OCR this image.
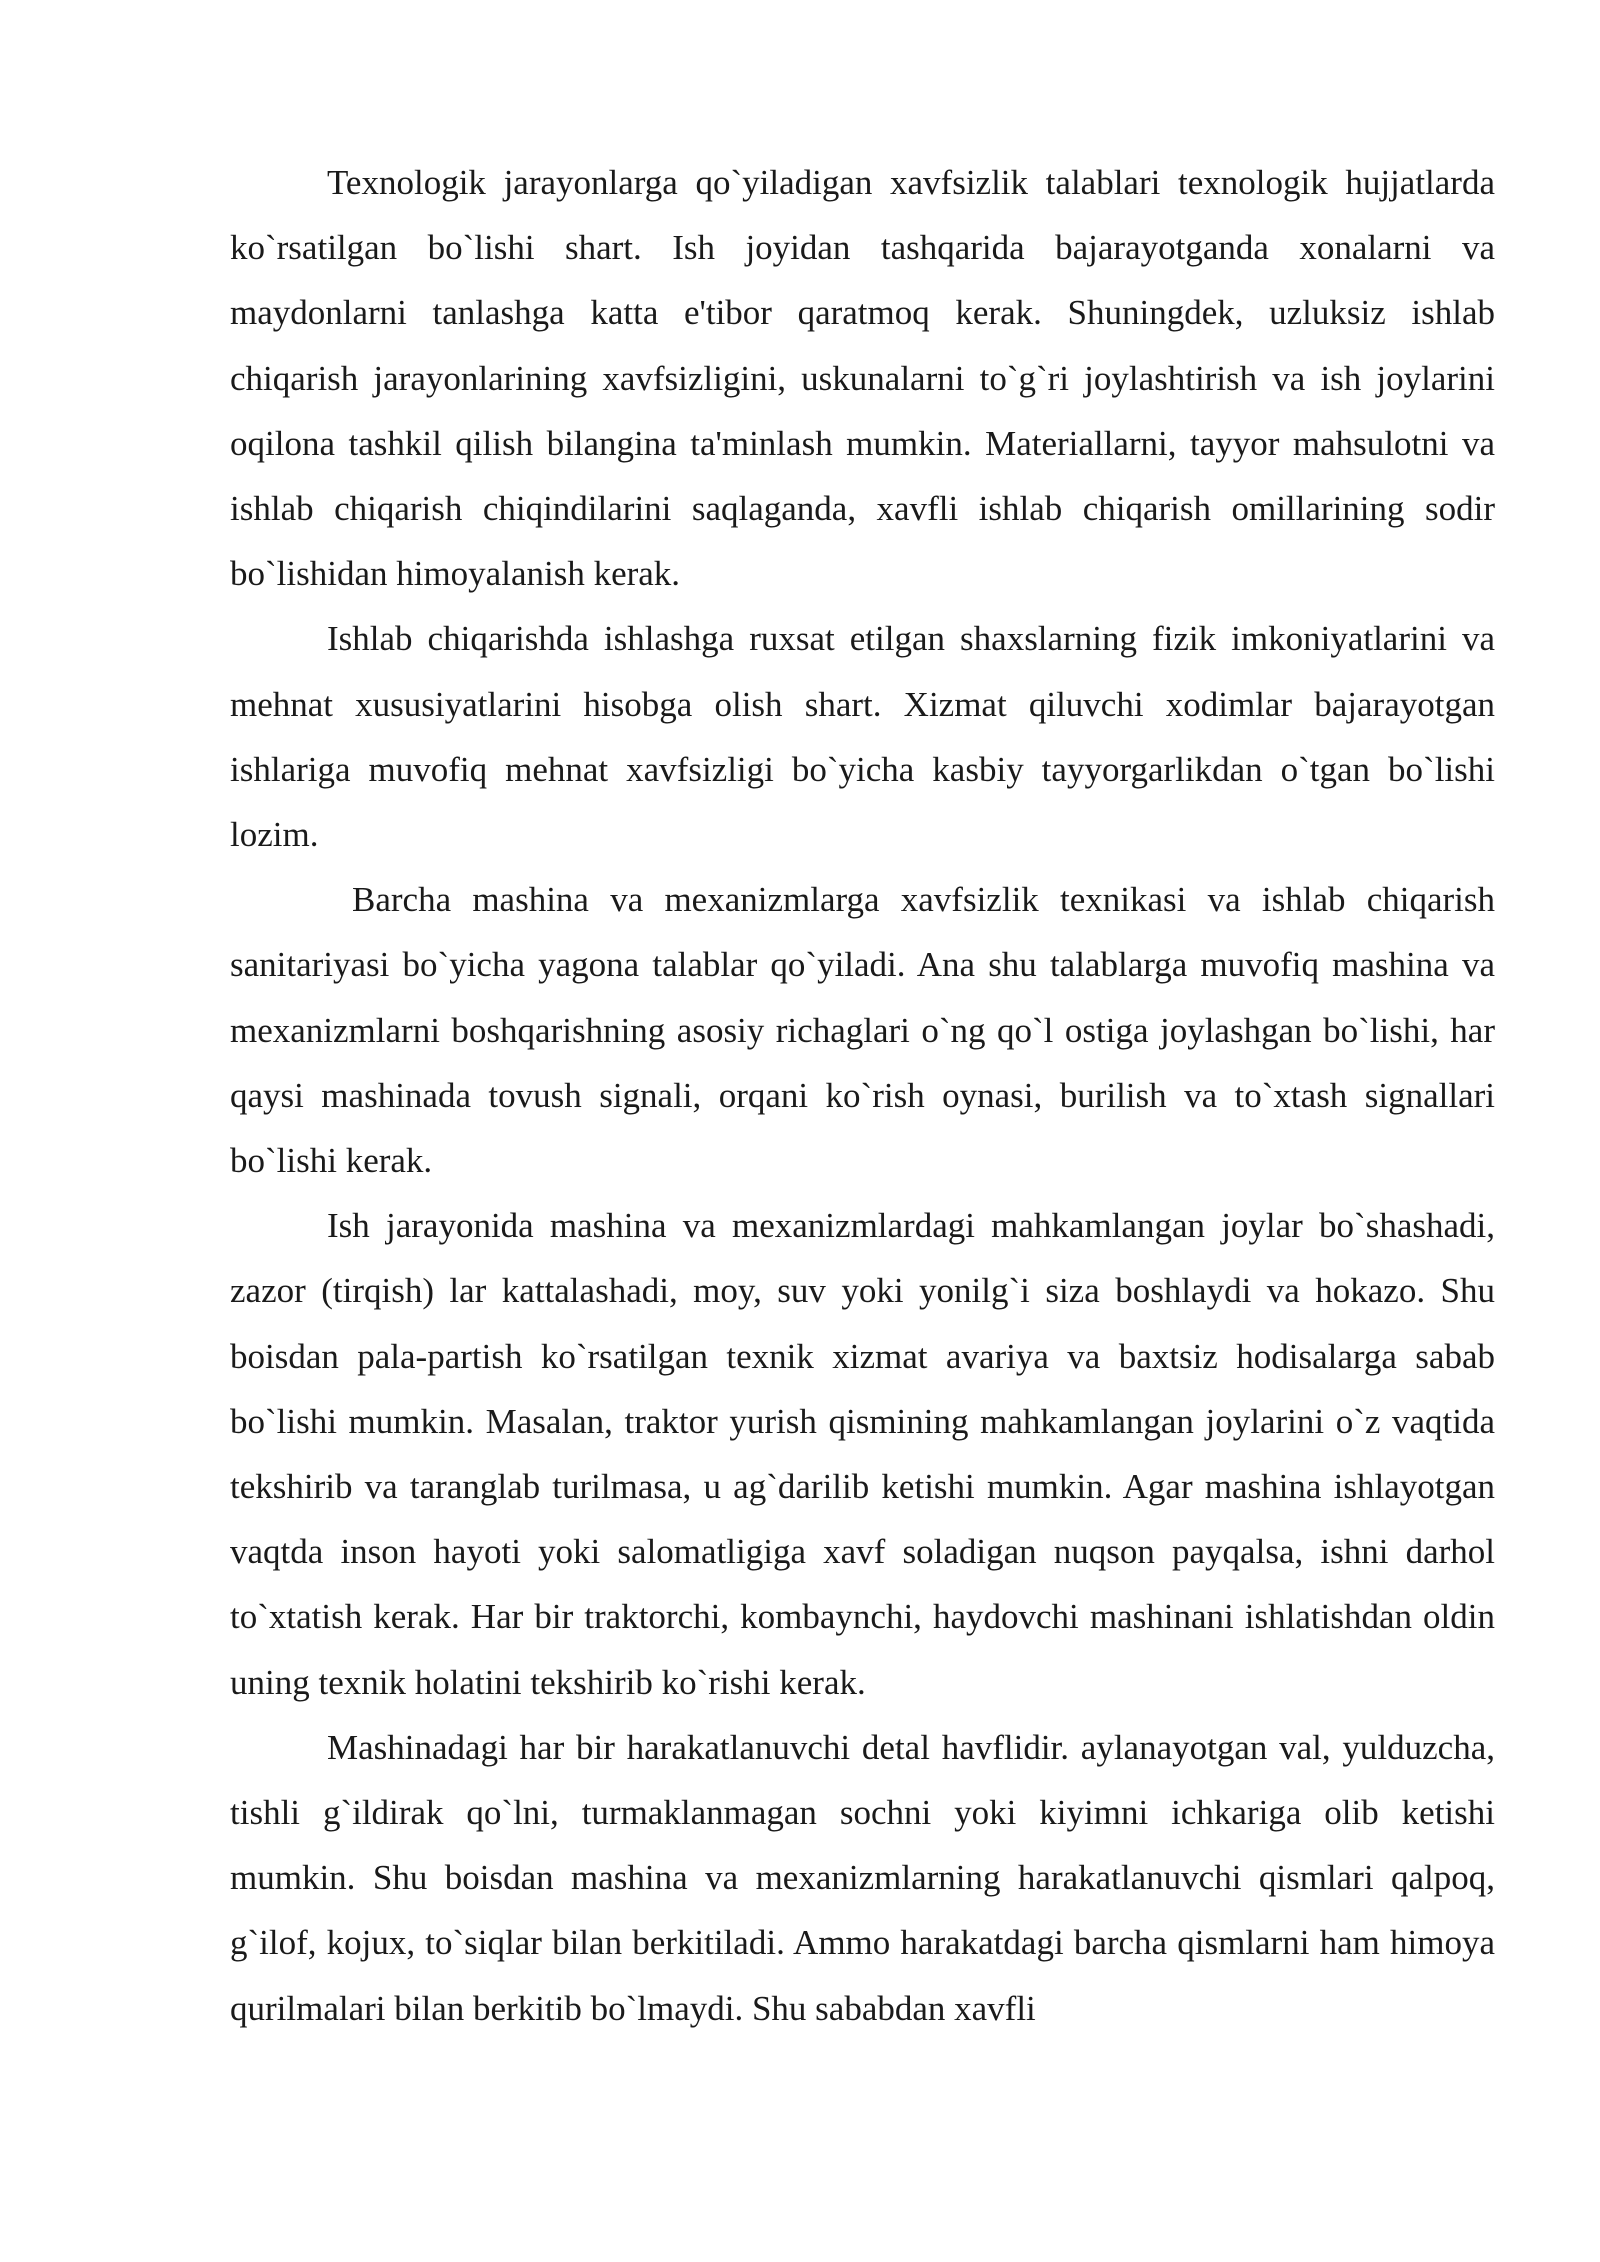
Texnologik jarayonlarga qo`yiladigan xavfsizlik talablari texnologik hujjatlarda ko`rsatilgan bo`lishi shart. Ish joyidan tashqarida bajarayotganda xonalarni va maydonlarni tanlashga katta e'tibor qaratmoq kerak. Shuningdek, uzluksiz ishlab chiqarish jarayonlarining xavfsizligini, uskunalarni to`g`ri joylashtirish va ish joylarini oqilona tashkil qilish bilangina ta'minlash mumkin. Materiallarni, tayyor mahsulotni va ishlab chiqarish chiqindilarini saqlaganda, xavfli ishlab chiqarish omillarining sodir bo`lishidan himoyalanish kerak.

Ishlab chiqarishda ishlashga ruxsat etilgan shaxslarning fizik imkoniyatlarini va mehnat xususiyatlarini hisobga olish shart. Xizmat qiluvchi xodimlar bajarayotgan ishlariga muvofiq mehnat xavfsizligi bo`yicha kasbiy tayyorgarlikdan o`tgan bo`lishi lozim.

Barcha mashina va mexanizmlarga xavfsizlik texnikasi va ishlab chiqarish sanitariyasi bo`yicha yagona talablar qo`yiladi. Ana shu talablarga muvofiq mashina va mexanizmlarni boshqarishning asosiy richaglari o`ng qo`l ostiga joylashgan bo`lishi, har qaysi mashinada tovush signali, orqani ko`rish oynasi, burilish va to`xtash signallari bo`lishi kerak.

Ish jarayonida mashina va mexanizmlardagi mahkamlangan joylar bo`shashadi, zazor (tirqish) lar kattalashadi, moy, suv yoki yonilg`i siza boshlaydi va hokazo. Shu boisdan pala-partish ko`rsatilgan texnik xizmat avariya va baxtsiz hodisalarga sabab bo`lishi mumkin. Masalan, traktor yurish qismining mahkamlangan joylarini o`z vaqtida tekshirib va taranglab turilmasa, u ag`darilib ketishi mumkin. Agar mashina ishlayotgan vaqtda inson hayoti yoki salomatligiga xavf soladigan nuqson payqalsa, ishni darhol to`xtatish kerak. Har bir traktorchi, kombaynchi, haydovchi mashinani ishlatishdan oldin uning texnik holatini tekshirib ko`rishi kerak.

Mashinadagi har bir harakatlanuvchi detal havflidir. aylanayotgan val, yulduzcha, tishli g`ildirak qo`lni, turmaklanmagan sochni yoki kiyimni ichkariga olib ketishi mumkin. Shu boisdan mashina va mexanizmlarning harakatlanuvchi qismlari qalpoq, g`ilof, kojux, to`siqlar bilan berkitiladi. Ammo harakatdagi barcha qismlarni ham himoya qurilmalari bilan berkitib bo`lmaydi. Shu sababdan xavfli
